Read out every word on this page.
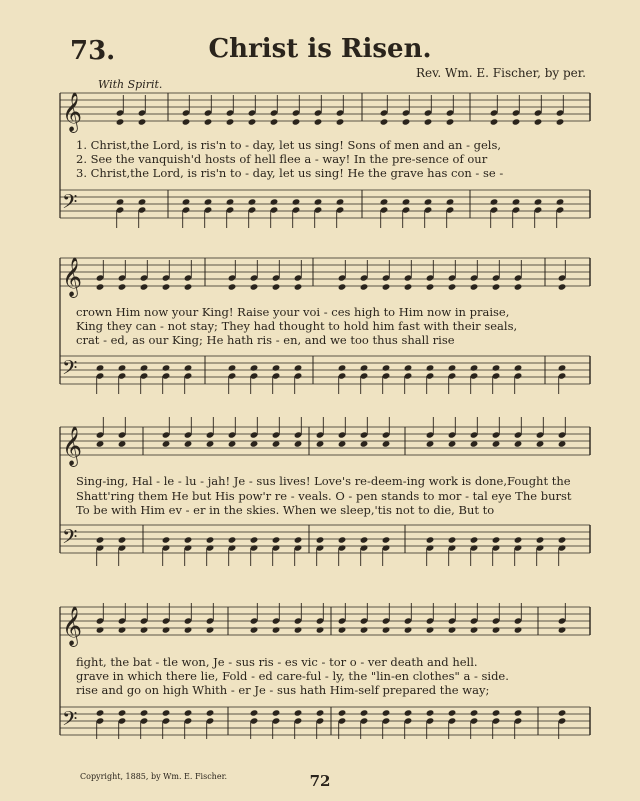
73.	Christ is Risen.
Rev. Wm. E. Fischer, by per.
With Spirit.
𝄞
𝄢
𝄞
𝄢
𝄞
𝄢
𝄞
𝄢
1. Christ,the Lord, is ris'n to - day, let us sing! Sons of men and an - gels,
2. See the vanquish'd hosts of hell flee a - way! In the pre-sence of our
3. Christ,the Lord, is ris'n to - day, let us sing! He the grave has con - se -
crown Him now your King! Raise your voi - ces high to Him now in praise,
King they can - not stay; They had thought to hold him fast with their seals,
crat - ed, as our King; He hath ris - en, and we too thus shall rise
Sing-ing, Hal - le - lu - jah! Je - sus lives! Love's re-deem-ing work is done,Fought the
Shatt'ring them He but His pow'r re - veals. O - pen stands to mor - tal eye The burst
To be with Him ev - er in the skies. When we sleep,'tis not to die, But to
fight, the bat - tle won, Je - sus ris - es vic - tor o - ver death and hell.
grave in which there lie, Fold - ed care-ful - ly, the "lin-en clothes" a - side.
rise and go on high Whith - er Je - sus hath Him-self prepared the way;
Copyright, 1885, by Wm. E. Fischer.	72
